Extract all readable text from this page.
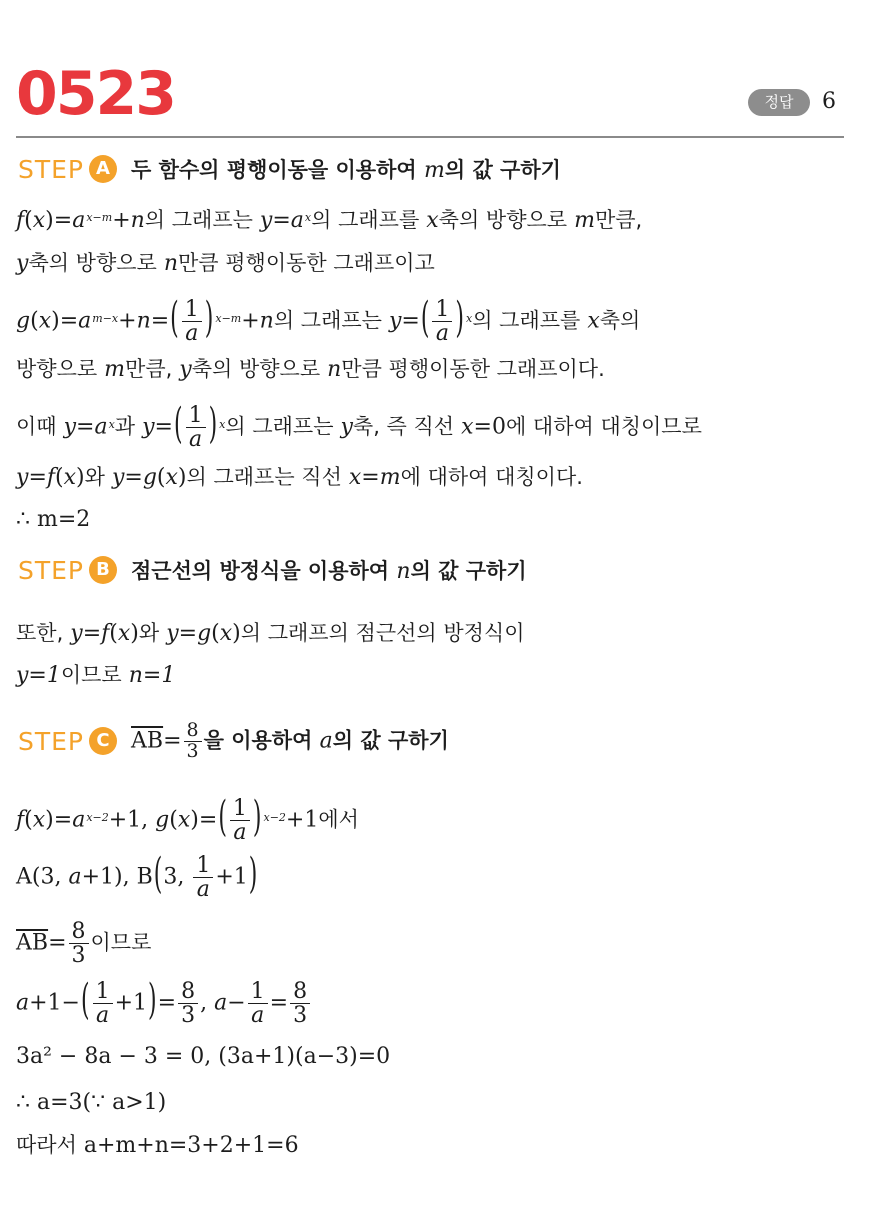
0523	정답	6
STEP A	두 함수의 평행이동을 이용하여 m의 값 구하기
$f(x)=a^{x-m}+n$의 그래프는 $y=a^x$의 그래프를 x축의 방향으로 m만큼,
y축의 방향으로 n만큼 평행이동한 그래프이고
$g(x)=a^{m-x}+n=( \frac{1}{a}$ ) $^{x-m}$+n의 그래프는 $y=( \frac{1}{a}$ ) $^x$의 그래프를 x축의
방향으로 m만큼, y축의 방향으로 n만큼 평행이동한 그래프이다.
이때 $y=a^x$과 $y=( \frac{1}{a}$ ) $^x$의 그래프는 y축, 즉 직선 x=0에 대하여 대칭이므로
y=f(x)와 y=g(x)의 그래프는 직선 x=m에 대하여 대칭이다.
∴ m=2
STEP B	점근선의 방정식을 이용하여 n의 값 구하기
또한, y=f(x)와 y=g(x)의 그래프의 점근선의 방정식이
y=1이므로 n=1
STEP C $\overline{AB}= \frac{8}{3}$ 을 이용하여 a의 값 구하기
$f(x)=a^{x-2}+1$, $g(x)=( \frac{1}{a}$ ) $^{x-2}$+1에서
A(3, a+1), B(3, $\frac{1}{a} +1$)
$\overline{AB}= \frac{8}{3}$ 이므로
$a+1-( \frac{1}{a} +1)= \frac{8}{3}$ , $a- \frac{1}{a} = \frac{8}{3}$
3a² − 8a − 3 = 0, (3a+1)(a−3)=0
∴ a=3(∵ a>1)
따라서 a+m+n=3+2+1=6
